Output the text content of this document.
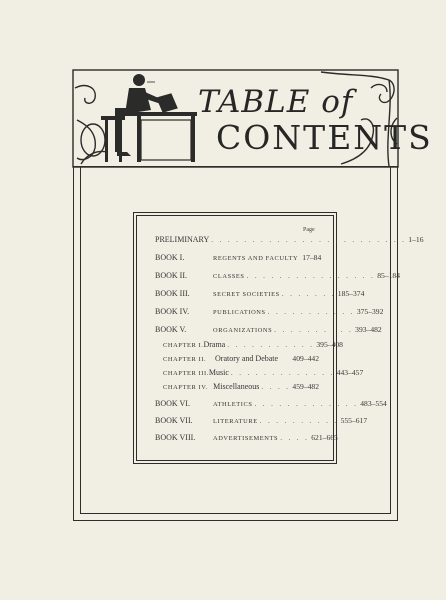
TABLE of
CONTENTS
Page
PRELIMINARY . . . . . . . . . . . . . . . . . . . . . . . . 1–16
BOOK I.	REGENTS AND FACULTY 17–84
BOOK II.	CLASSES . . . . . . . . . . . . . . . . 85–184
BOOK III.	SECRET SOCIETIES . . . . . . . 185–374
BOOK IV.	PUBLICATIONS . . . . . . . . . . . 375–392
BOOK V.	ORGANIZATIONS . . . . . . . . . . 393–482
CHAPTER I. Drama . . . . . . . . . . . 395–408
CHAPTER II.	Oratory and Debate 409–442
CHAPTER III. Music . . . . . . . . . . . . . 443–457
CHAPTER IV. Miscellaneous . . . . 459–482
BOOK VI.	ATHLETICS . . . . . . . . . . . . . 483–554
BOOK VII.	LITERATURE . . . . . . . . . . 555–617
BOOK VIII.	ADVERTISEMENTS . . . . 621–665
